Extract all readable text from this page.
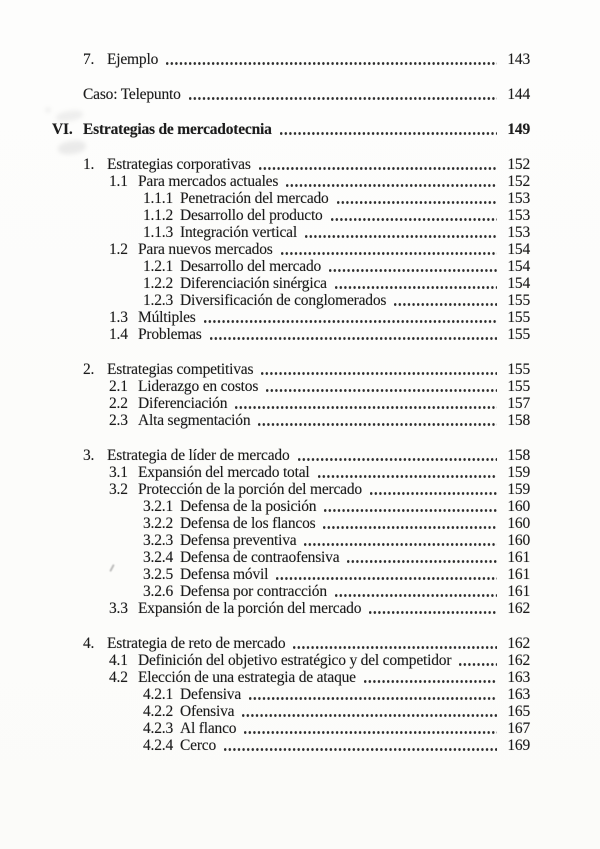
7. Ejemplo	143
Caso: Telepunto	144
VI. Estrategias de mercadotecnia	149
1. Estrategias corporativas	152
1.1 Para mercados actuales	152
1.1.1 Penetración del mercado	153
1.1.2 Desarrollo del producto	153
1.1.3 Integración vertical	153
1.2 Para nuevos mercados	154
1.2.1 Desarrollo del mercado	154
1.2.2 Diferenciación sinérgica	154
1.2.3 Diversificación de conglomerados	155
1.3 Múltiples	155
1.4 Problemas	155
2. Estrategias competitivas	155
2.1 Liderazgo en costos	155
2.2 Diferenciación	157
2.3 Alta segmentación	158
3. Estrategia de líder de mercado	158
3.1 Expansión del mercado total	159
3.2 Protección de la porción del mercado	159
3.2.1 Defensa de la posición	160
3.2.2 Defensa de los flancos	160
3.2.3 Defensa preventiva	160
3.2.4 Defensa de contraofensiva	161
3.2.5 Defensa móvil	161
3.2.6 Defensa por contracción	161
3.3 Expansión de la porción del mercado	162
4. Estrategia de reto de mercado	162
4.1 Definición del objetivo estratégico y del competidor	162
4.2 Elección de una estrategia de ataque	163
4.2.1 Defensiva	163
4.2.2 Ofensiva	165
4.2.3 Al flanco	167
4.2.4 Cerco	169
